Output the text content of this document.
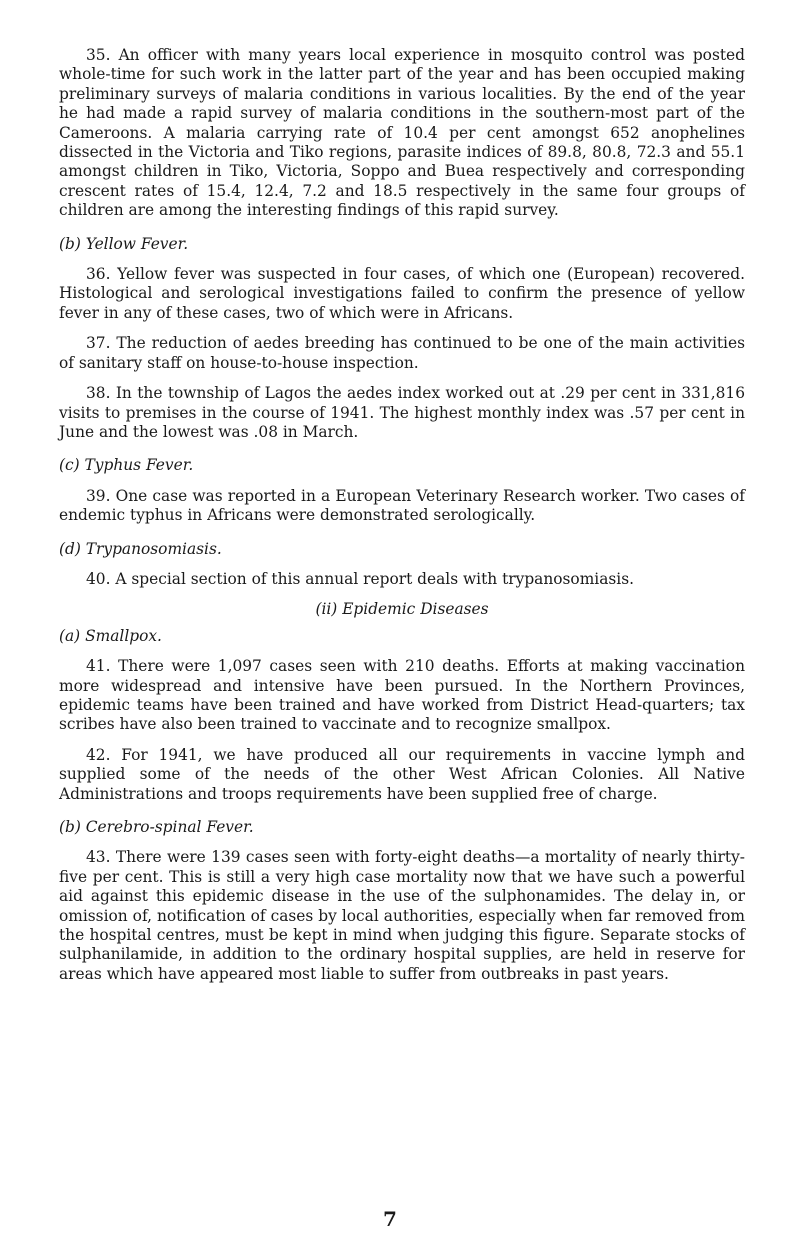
35. An officer with many years local experience in mosquito control was posted whole-time for such work in the latter part of the year and has been occupied making preliminary surveys of malaria conditions in various localities. By the end of the year he had made a rapid survey of malaria conditions in the southern-most part of the Cameroons. A malaria carrying rate of 10.4 per cent amongst 652 anophelines dissected in the Victoria and Tiko regions, parasite indices of 89.8, 80.8, 72.3 and 55.1 amongst children in Tiko, Victoria, Soppo and Buea respectively and corresponding crescent rates of 15.4, 12.4, 7.2 and 18.5 respectively in the same four groups of children are among the interesting findings of this rapid survey.

(b) Yellow Fever.

36. Yellow fever was suspected in four cases, of which one (European) recovered. Histological and serological investigations failed to confirm the presence of yellow fever in any of these cases, two of which were in Africans.

37. The reduction of aedes breeding has continued to be one of the main activities of sanitary staff on house-to-house inspection.

38. In the township of Lagos the aedes index worked out at .29 per cent in 331,816 visits to premises in the course of 1941. The highest monthly index was .57 per cent in June and the lowest was .08 in March.

(c) Typhus Fever.

39. One case was reported in a European Veterinary Research worker. Two cases of endemic typhus in Africans were demonstrated serologically.

(d) Trypanosomiasis.

40. A special section of this annual report deals with trypanosomiasis.

(ii) Epidemic Diseases

(a) Smallpox.

41. There were 1,097 cases seen with 210 deaths. Efforts at making vaccination more widespread and intensive have been pursued. In the Northern Provinces, epidemic teams have been trained and have worked from District Head-quarters; tax scribes have also been trained to vaccinate and to recognize smallpox.

42. For 1941, we have produced all our requirements in vaccine lymph and supplied some of the needs of the other West African Colonies. All Native Administrations and troops requirements have been supplied free of charge.

(b) Cerebro-spinal Fever.

43. There were 139 cases seen with forty-eight deaths—a mortality of nearly thirty-five per cent. This is still a very high case mortality now that we have such a powerful aid against this epidemic disease in the use of the sulphonamides. The delay in, or omission of, notification of cases by local authorities, especially when far removed from the hospital centres, must be kept in mind when judging this figure. Separate stocks of sulphanilamide, in addition to the ordinary hospital supplies, are held in reserve for areas which have appeared most liable to suffer from outbreaks in past years.

7
